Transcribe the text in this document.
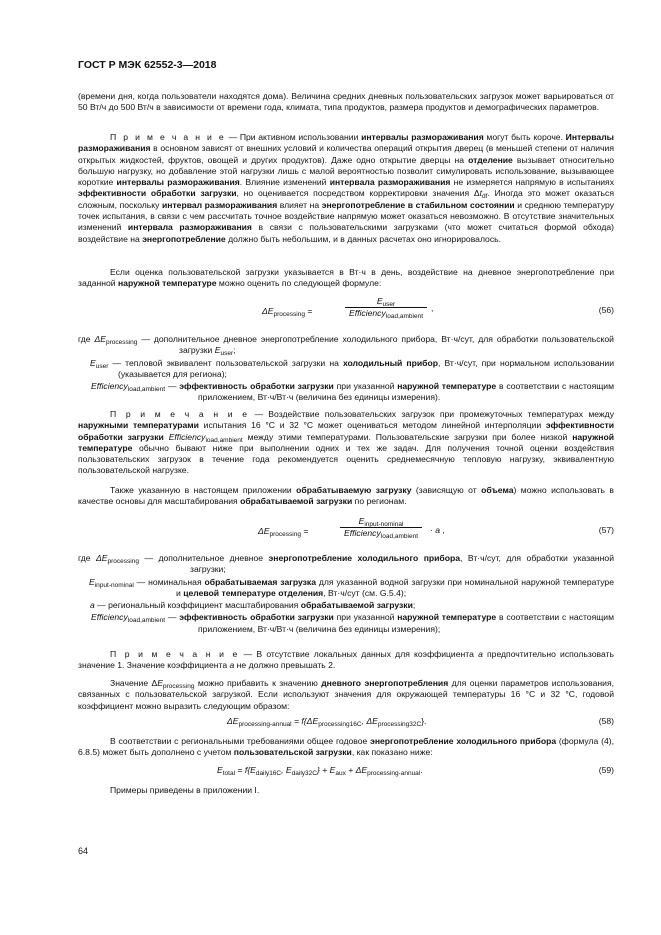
ГОСТ Р МЭК 62552-3—2018
(времени дня, когда пользователи находятся дома). Величина средних дневных пользовательских загрузок может варьироваться от 50 Вт/ч до 500 Вт/ч в зависимости от времени года, климата, типа продуктов, размера продуктов и демографических параметров.
П р и м е ч а н и е — При активном использовании интервалы размораживания могут быть короче. Интервалы размораживания в основном зависят от внешних условий и количества операций открытия дверец (в меньшей степени от наличия открытых жидкостей, фруктов, овощей и других продуктов). Даже одно открытие дверцы на отделение вызывает относительно большую нагрузку, но добавление этой нагрузки лишь с малой вероятностью позволит симулировать использование, вызывающее короткие интервалы размораживания. Влияние изменений интервала размораживания не измеряется напрямую в испытаниях эффективности обработки загрузки, но оценивается посредством корректировки значения $\Delta t_{df}$. Иногда это может оказаться сложным, поскольку интервал размораживания влияет на энергопотребление в стабильном состоянии и среднюю температуру точек испытания, в связи с чем рассчитать точное воздействие напрямую может оказаться невозможно. В отсутствие значительных изменений интервала размораживания в связи с пользовательскими загрузками (что может считаться формой обхода) воздействие на энергопотребление должно быть небольшим, и в данных расчетах оно игнорировалось.
Если оценка пользовательской загрузки указывается в Вт·ч в день, воздействие на дневное энергопотребление при заданной наружной температуре можно оценить по следующей формуле:
$\Delta E_{processing}$ =
$E_{user}$
Efficiency$_{load,ambient}$
,	(56)
где $\Delta E_{processing}$ — дополнительное дневное энергопотребление холодильного прибора, Вт·ч/сут, для обработки пользовательской загрузки $E_{user}$;
$E_{user}$ — тепловой эквивалент пользовательской загрузки на холодильный прибор, Вт·ч/сут, при нормальном использовании (указывается для региона);
Efficiency$_{load,ambient}$ — эффективность обработки загрузки при указанной наружной температуре в соответствии с настоящим приложением, Вт·ч/Вт·ч (величина без единицы измерения).
П р и м е ч а н и е — Воздействие пользовательских загрузок при промежуточных температурах между наружными температурами испытания 16 °C и 32 °C может оцениваться методом линейной интерполяции эффективности обработки загрузки Efficiency$_{load,ambient}$ между этими температурами. Пользовательские загрузки при более низкой наружной температуре обычно бывают ниже при выполнении одних и тех же задач. Для получения точной оценки воздействия пользовательских загрузок в течение года рекомендуется оценить среднемесячную тепловую нагрузку, эквивалентную пользовательской нагрузке.
Также указанную в настоящем приложении обрабатываемую загрузку (зависящую от объема) можно использовать в качестве основы для масштабирования обрабатываемой загрузки по регионам.
$\Delta E_{processing}$ =
$E_{input-nominal}$
Efficiency$_{load,ambient}$
· a ,	(57)
где $\Delta E_{processing}$ — дополнительное дневное энергопотребление холодильного прибора, Вт·ч/сут, для обработки указанной загрузки;
$E_{input-nominal}$ — номинальная обрабатываемая загрузка для указанной водной загрузки при номинальной наружной температуре и целевой температуре отделения, Вт·ч/сут (см. G.5.4);
a — региональный коэффициент масштабирования обрабатываемой загрузки;
Efficiency$_{load,ambient}$ — эффективность обработки загрузки при указанной наружной температуре в соответствии с настоящим приложением, Вт·ч/Вт·ч (величина без единицы измерения);
П р и м е ч а н и е — В отсутствие локальных данных для коэффициента a предпочтительно использовать значение 1. Значение коэффициента a не должно превышать 2.
Значение $\Delta E_{processing}$ можно прибавить к значению дневного энергопотребления для оценки параметров использования, связанных с пользовательской загрузкой. Если используют значения для окружающей температуры 16 °C и 32 °C, годовой коэффициент можно выразить следующим образом:
$\Delta E_{processing-annual} = f\{\Delta E_{processing16C}$, $\Delta E_{processing32C}$}.	(58)
В соответствии с региональными требованиями общее годовое энергопотребление холодильного прибора (формула (4), 6.8.5) может быть дополнено с учетом пользовательской загрузки, как показано ниже:
$E_{total} = f\{E_{daily16C}$, $E_{daily32C}\} + E_{aux} + \Delta E_{processing-annual}$.	(59)
Примеры приведены в приложении I.
64
